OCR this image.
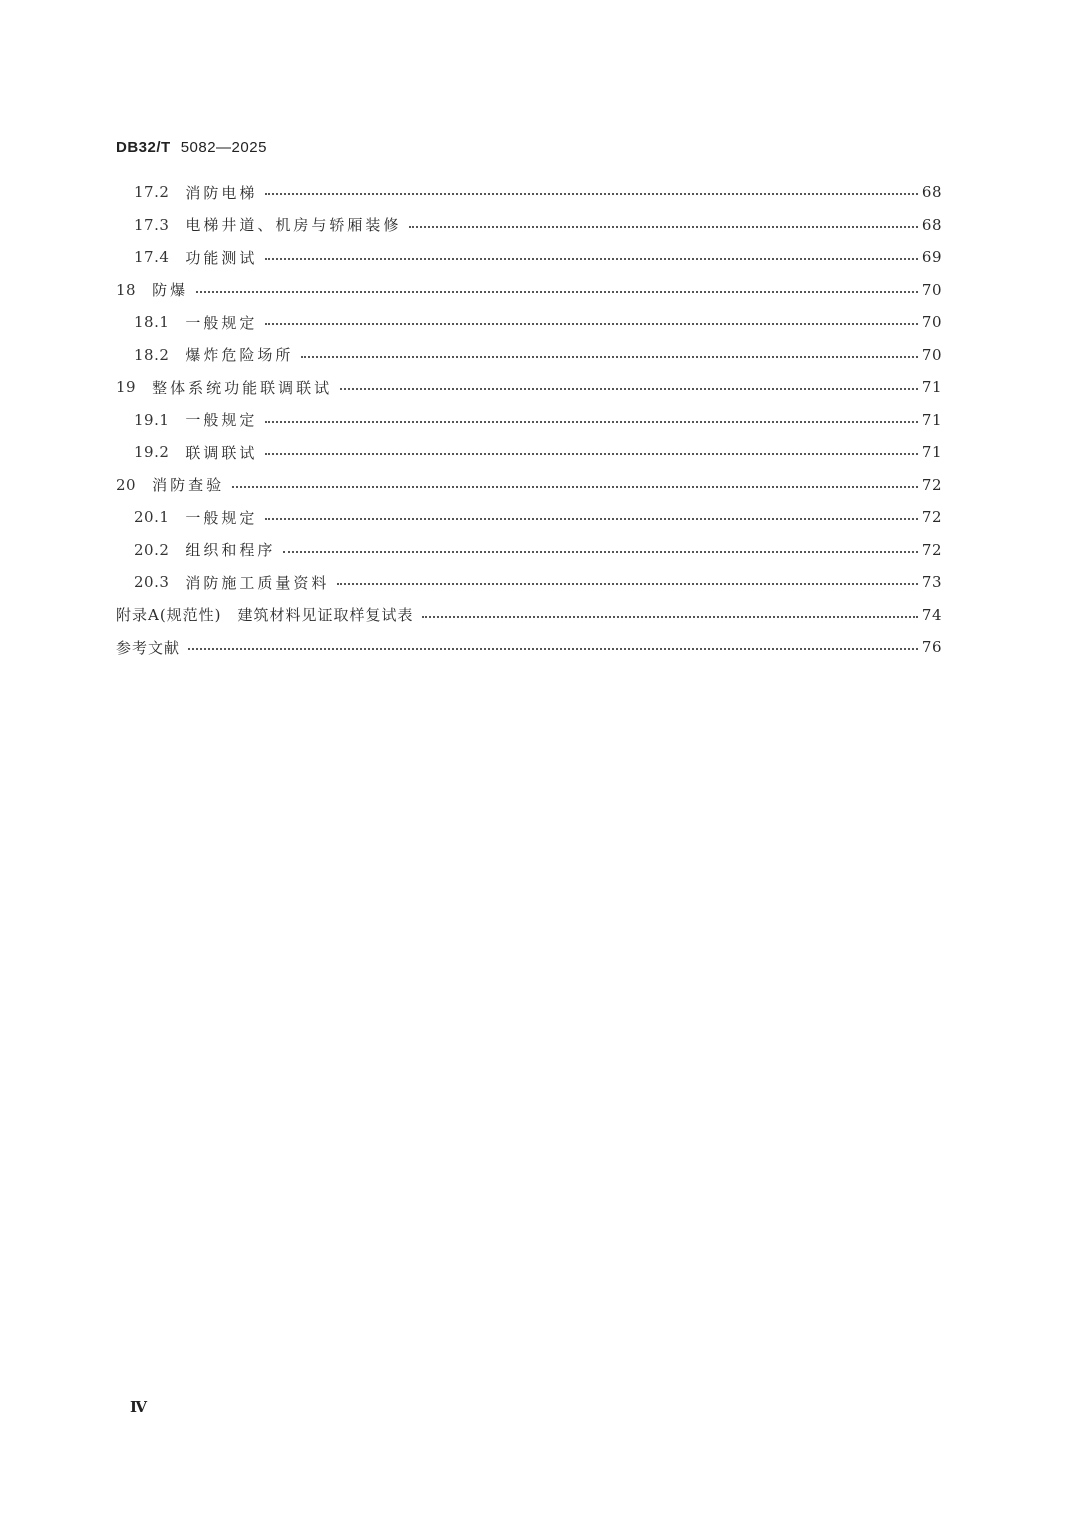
DB32/T 5082—2025
17.2 消防电梯	68
17.3 电梯井道、机房与轿厢装修	68
17.4 功能测试	69
18 防爆	70
18.1 一般规定	70
18.2 爆炸危险场所	70
19 整体系统功能联调联试	71
19.1 一般规定	71
19.2 联调联试	71
20 消防查验	72
20.1 一般规定	72
20.2 组织和程序	72
20.3 消防施工质量资料	73
附录A(规范性)　建筑材料见证取样复试表	74
参考文献	76
Ⅳ
